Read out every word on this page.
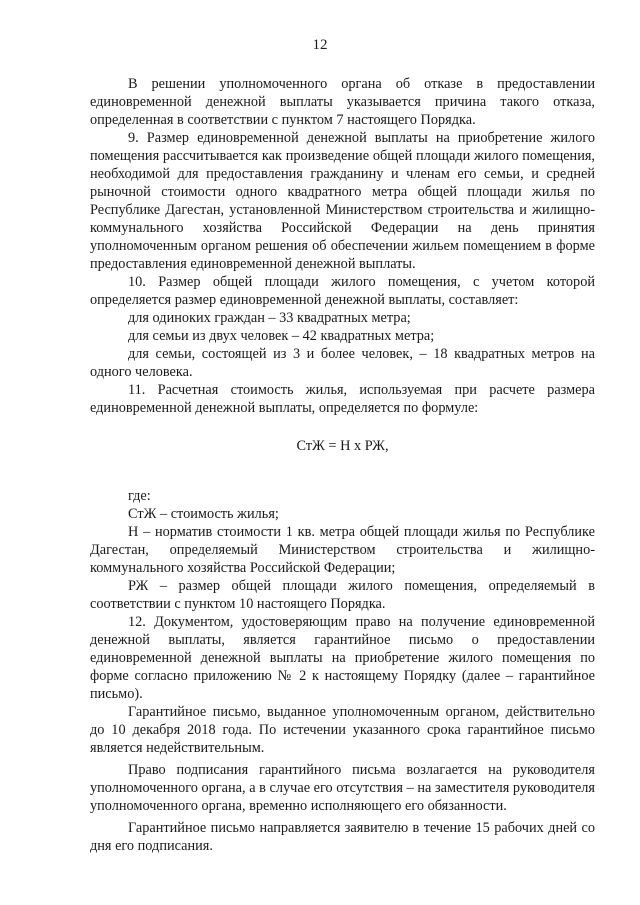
12

В решении уполномоченного органа об отказе в предоставлении единовременной денежной выплаты указывается причина такого отказа, определенная в соответствии с пунктом 7 настоящего Порядка.

9. Размер единовременной денежной выплаты на приобретение жилого помещения рассчитывается как произведение общей площади жилого помещения, необходимой для предоставления гражданину и членам его семьи, и средней рыночной стоимости одного квадратного метра общей площади жилья по Республике Дагестан, установленной Министерством строительства и жилищно-коммунального хозяйства Российской Федерации на день принятия уполномоченным органом решения об обеспечении жильем помещением в форме предоставления единовременной денежной выплаты.

10. Размер общей площади жилого помещения, с учетом которой определяется размер единовременной денежной выплаты, составляет:

для одиноких граждан – 33 квадратных метра;

для семьи из двух человек – 42 квадратных метра;

для семьи, состоящей из 3 и более человек, – 18 квадратных метров на одного человека.

11. Расчетная стоимость жилья, используемая при расчете размера единовременной денежной выплаты, определяется по формуле:

СтЖ = Н х РЖ,

где:

СтЖ – стоимость жилья;

Н – норматив стоимости 1 кв. метра общей площади жилья по Республике Дагестан, определяемый Министерством строительства и жилищно-коммунального хозяйства Российской Федерации;

РЖ – размер общей площади жилого помещения, определяемый в соответствии с пунктом 10 настоящего Порядка.

12. Документом, удостоверяющим право на получение единовременной денежной выплаты, является гарантийное письмо о предоставлении единовременной денежной выплаты на приобретение жилого помещения по форме согласно приложению № 2 к настоящему Порядку (далее – гарантийное письмо).

Гарантийное письмо, выданное уполномоченным органом, действительно до 10 декабря 2018 года. По истечении указанного срока гарантийное письмо является недействительным.

Право подписания гарантийного письма возлагается на руководителя уполномоченного органа, а в случае его отсутствия – на заместителя руководителя уполномоченного органа, временно исполняющего его обязанности.

Гарантийное письмо направляется заявителю в течение 15 рабочих дней со дня его подписания.
